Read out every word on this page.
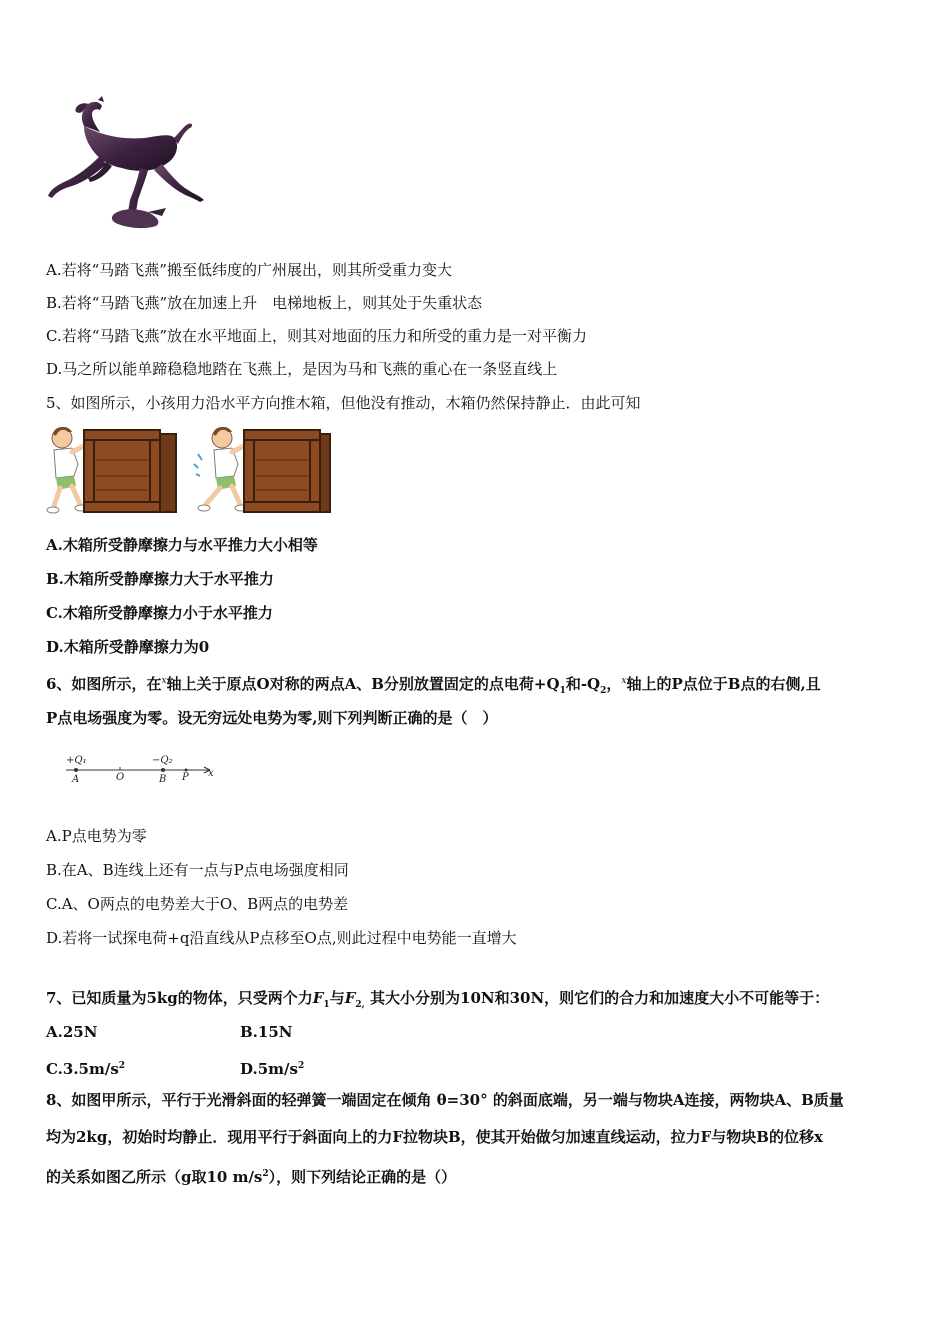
A.若将“马踏飞燕”搬至低纬度的广州展出，则其所受重力变大
B.若将“马踏飞燕”放在加速上升　电梯地板上，则其处于失重状态
C.若将“马踏飞燕”放在水平地面上，则其对地面的压力和所受的重力是一对平衡力
D.马之所以能单蹄稳稳地踏在飞燕上，是因为马和飞燕的重心在一条竖直线上
5、如图所示，小孩用力沿水平方向推木箱，但他没有推动，木箱仍然保持静止．由此可知
A.木箱所受静摩擦力与水平推力大小相等
B.木箱所受静摩擦力大于水平推力
C.木箱所受静摩擦力小于水平推力
D.木箱所受静摩擦力为0
6、如图所示，在$^x$轴上关于原点O对称的两点A、B分别放置固定的点电荷$+Q_1$和$-Q_2$，$^x$轴上的P点位于B点的右侧,且
P点电场强度为零。设无穷远处电势为零,则下列判断正确的是（　）
+Q₁	−Q₂
A	O	B P x
A.P点电势为零
B.在A、B连线上还有一点与P点电场强度相同
C.A、O两点的电势差大于O、B两点的电势差
D.若将一试探电荷+q沿直线从P点移至O点,则此过程中电势能一直增大
7、已知质量为5kg的物体，只受两个力$F_1$与$F_{2,}$ 其大小分别为10N和30N，则它们的合力和加速度大小不可能等于：
A.25N	B.15N
$C.3.5m/s^2$	$D.5m/s^2$
8、如图甲所示，平行于光滑斜面的轻弹簧一端固定在倾角 θ=30° 的斜面底端，另一端与物块A连接，两物块A、B质量
均为2kg，初始时均静止．现用平行于斜面向上的力F拉物块B，使其开始做匀加速直线运动，拉力F与物块B的位移x
的关系如图乙所示（g取10 $m/s^2$），则下列结论正确的是（）
